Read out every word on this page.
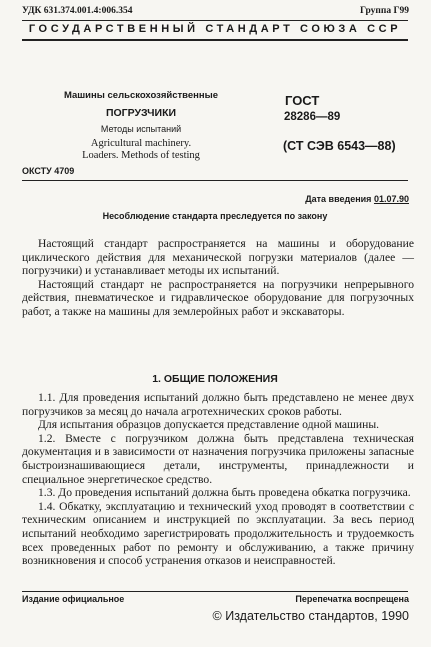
УДК 631.374.001.4:006.354	Группа Г99
ГОСУДАРСТВЕННЫЙ СТАНДАРТ СОЮЗА ССР
Машины сельскохозяйственные
ПОГРУЗЧИКИ
Методы испытаний
Agricultural machinery.
Loaders. Methods of testing
ГОСТ
28286—89
(СТ СЭВ 6543—88)
ОКСТУ 4709
Дата введения 01.07.90
Несоблюдение стандарта преследуется по закону

Настоящий стандарт распространяется на машины и оборудование циклического действия для механической погрузки материалов (далее — погрузчики) и устанавливает методы их испытаний.

Настоящий стандарт не распространяется на погрузчики непрерывного действия, пневматическое и гидравлическое оборудование для погрузочных работ, а также на машины для землеройных работ и экскаваторы.

1. ОБЩИЕ ПОЛОЖЕНИЯ

1.1. Для проведения испытаний должно быть представлено не менее двух погрузчиков за месяц до начала агротехнических сроков работы.

Для испытания образцов допускается представление одной машины.

1.2. Вместе с погрузчиком должна быть представлена техническая документация и в зависимости от назначения погрузчика приложены запасные быстроизнашивающиеся детали, инструменты, принадлежности и специальное энергетическое средство.

1.3. До проведения испытаний должна быть проведена обкатка погрузчика.

1.4. Обкатку, эксплуатацию и технический уход проводят в соответствии с техническим описанием и инструкцией по эксплуатации. За весь период испытаний необходимо зарегистрировать продолжительность и трудоемкость всех проведенных работ по ремонту и обслуживанию, а также причину возникновения и способ устранения отказов и неисправностей.

Издание официальное	Перепечатка воспрещена
© Издательство стандартов, 1990
